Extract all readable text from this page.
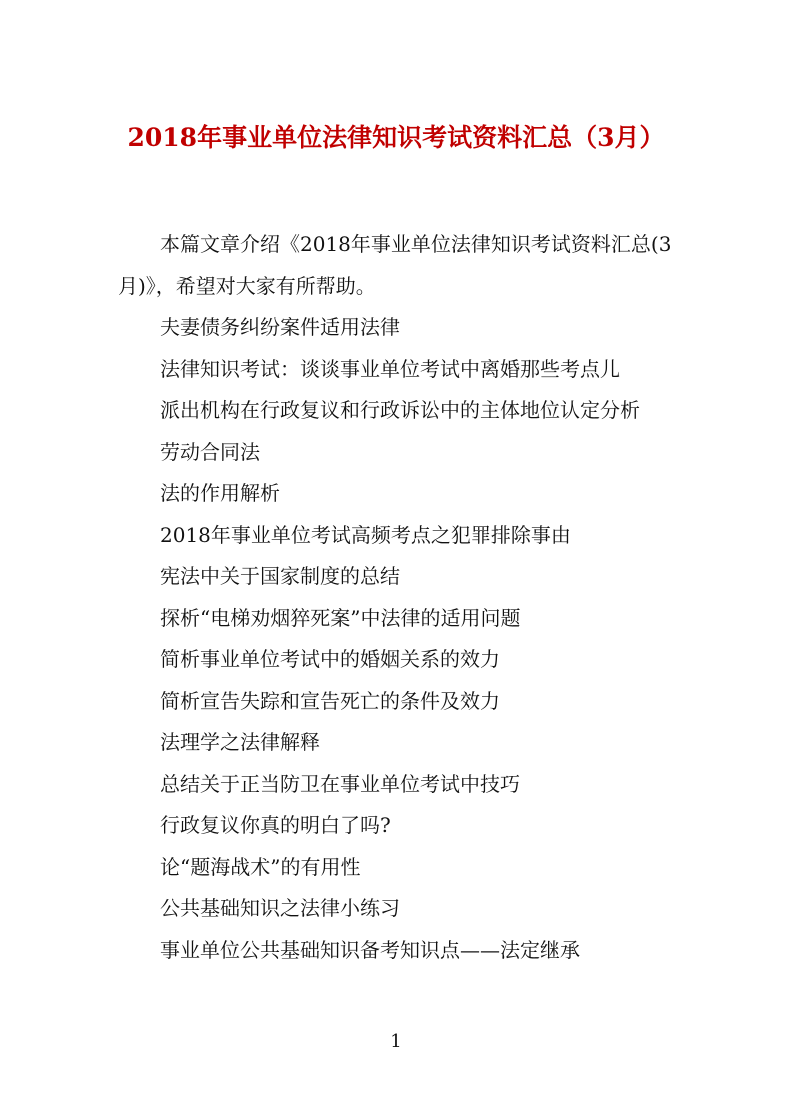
2018年事业单位法律知识考试资料汇总（3月）

本篇文章介绍《2018年事业单位法律知识考试资料汇总(3月)》，希望对大家有所帮助。

夫妻债务纠纷案件适用法律

法律知识考试：谈谈事业单位考试中离婚那些考点儿

派出机构在行政复议和行政诉讼中的主体地位认定分析

劳动合同法

法的作用解析

2018年事业单位考试高频考点之犯罪排除事由

宪法中关于国家制度的总结

探析“电梯劝烟猝死案”中法律的适用问题

简析事业单位考试中的婚姻关系的效力

简析宣告失踪和宣告死亡的条件及效力

法理学之法律解释

总结关于正当防卫在事业单位考试中技巧

行政复议你真的明白了吗?

论“题海战术”的有用性

公共基础知识之法律小练习

事业单位公共基础知识备考知识点——法定继承

1
